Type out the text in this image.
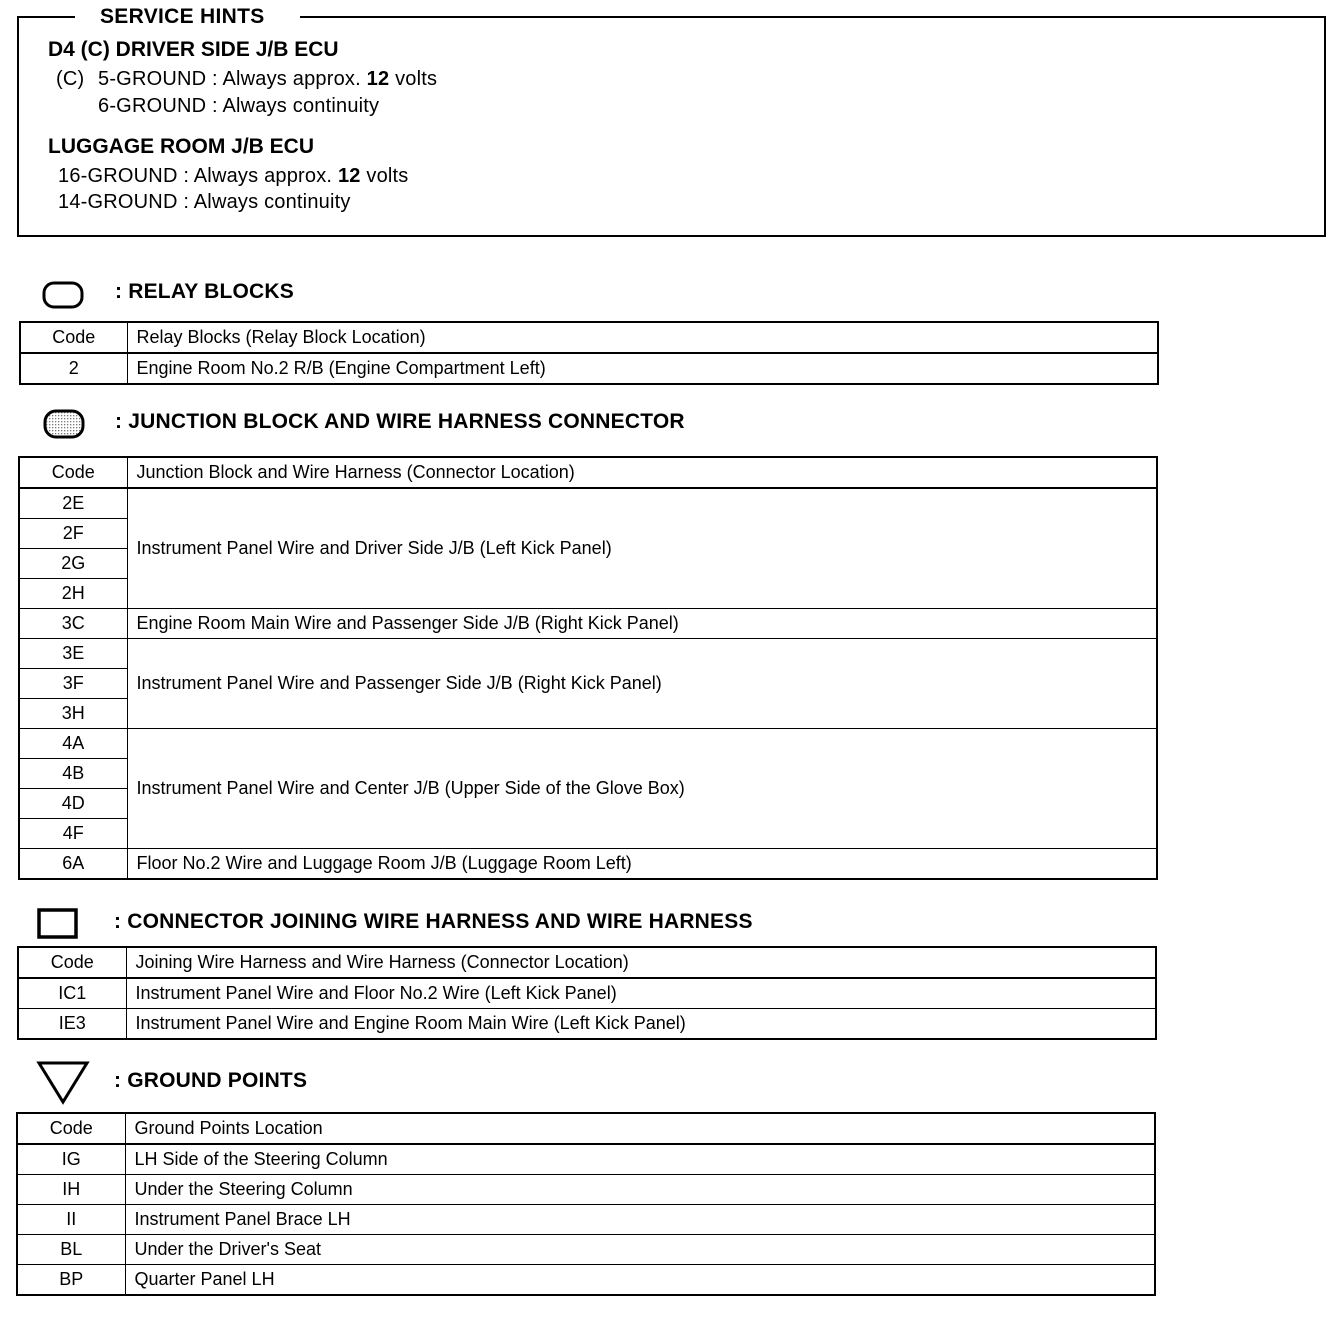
SERVICE HINTS
D4 (C) DRIVER SIDE J/B ECU
(C) 5-GROUND : Always approx. 12 volts
6-GROUND : Always continuity
LUGGAGE ROOM J/B ECU
16-GROUND : Always approx. 12 volts
14-GROUND : Always continuity
: RELAY BLOCKS
Code	Relay Blocks (Relay Block Location)
2	Engine Room No.2 R/B (Engine Compartment Left)
: JUNCTION BLOCK AND WIRE HARNESS CONNECTOR
Code	Junction Block and Wire Harness (Connector Location)
2E	Instrument Panel Wire and Driver Side J/B (Left Kick Panel)
2F	
2G	
2H	
3C	Engine Room Main Wire and Passenger Side J/B (Right Kick Panel)
3E	Instrument Panel Wire and Passenger Side J/B (Right Kick Panel)
3F	
3H	
4A	Instrument Panel Wire and Center J/B (Upper Side of the Glove Box)
4B	
4D	
4F	
6A	Floor No.2 Wire and Luggage Room J/B (Luggage Room Left)
: CONNECTOR JOINING WIRE HARNESS AND WIRE HARNESS
Code	Joining Wire Harness and Wire Harness (Connector Location)
IC1	Instrument Panel Wire and Floor No.2 Wire (Left Kick Panel)
IE3	Instrument Panel Wire and Engine Room Main Wire (Left Kick Panel)
: GROUND POINTS
Code	Ground Points Location
IG	LH Side of the Steering Column
IH	Under the Steering Column
II	Instrument Panel Brace LH
BL	Under the Driver's Seat
BP	Quarter Panel LH
